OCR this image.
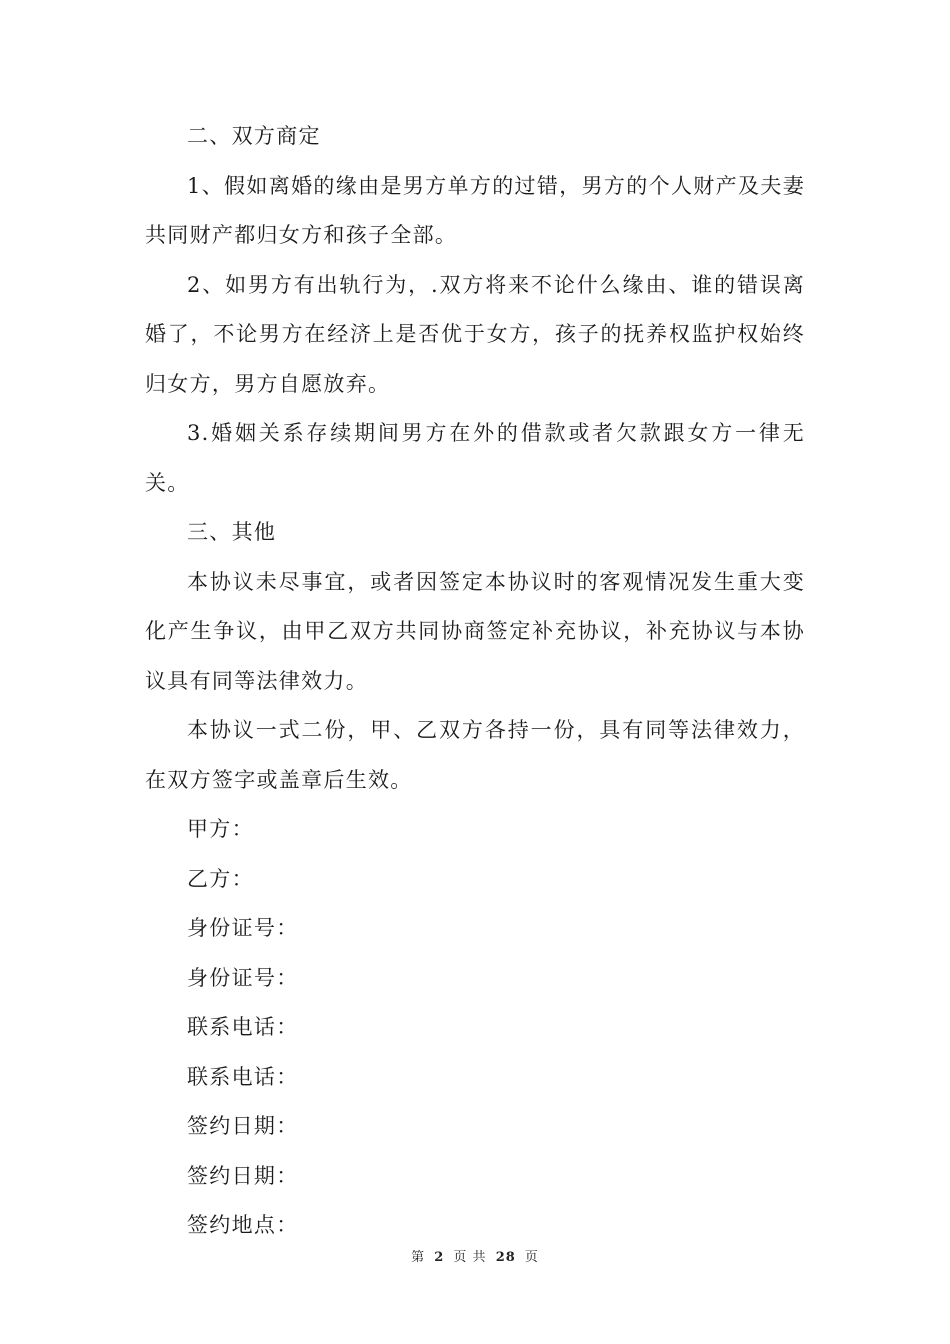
二、双方商定

1、假如离婚的缘由是男方单方的过错，男方的个人财产及夫妻共同财产都归女方和孩子全部。

2、如男方有出轨行为，.双方将来不论什么缘由、谁的错误离婚了，不论男方在经济上是否优于女方，孩子的抚养权监护权始终归女方，男方自愿放弃。

3.婚姻关系存续期间男方在外的借款或者欠款跟女方一律无关。

三、其他

本协议未尽事宜，或者因签定本协议时的客观情况发生重大变化产生争议，由甲乙双方共同协商签定补充协议，补充协议与本协议具有同等法律效力。

本协议一式二份，甲、乙双方各持一份，具有同等法律效力，在双方签字或盖章后生效。

甲方：

乙方：

身份证号：

身份证号：

联系电话：

联系电话：

签约日期：

签约日期：

签约地点：

第 2 页 共 28 页
